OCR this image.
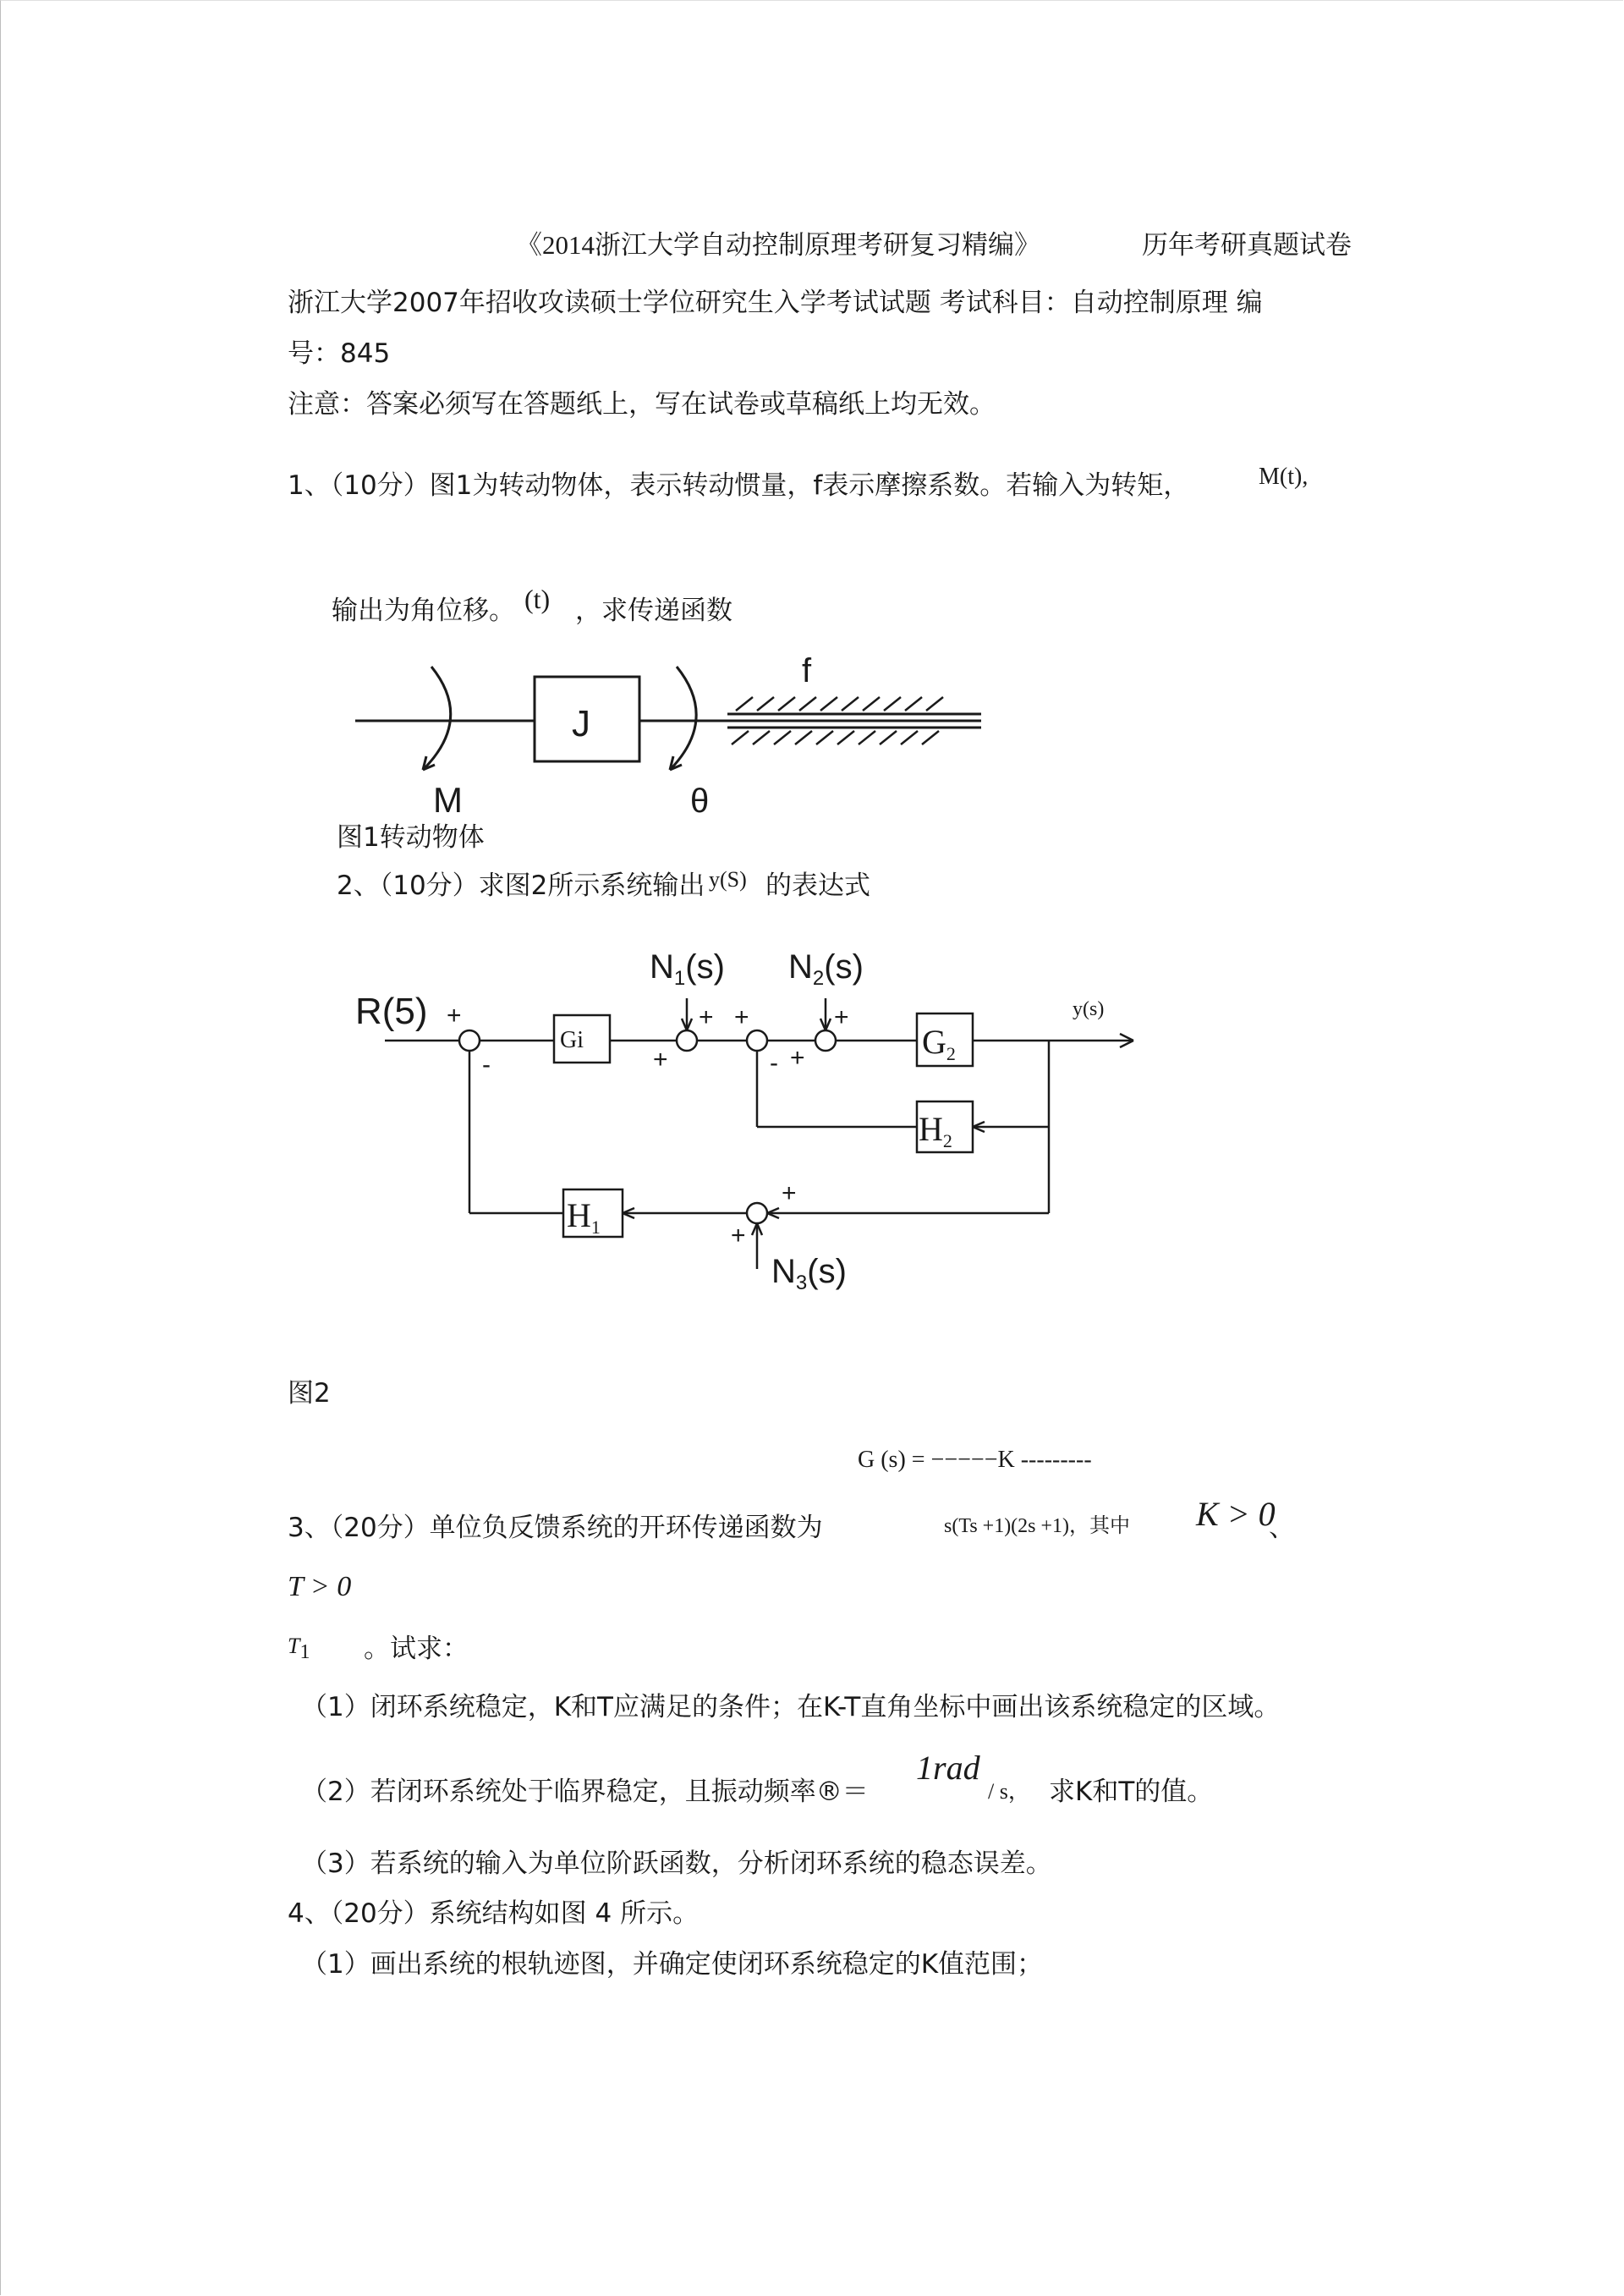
《2014浙江大学自动控制原理考研复习精编》	历年考研真题试卷
浙江大学2007年招收攻读硕士学位研究生入学考试试题 考试科目：自动控制原理 编
号：845
注意：答案必须写在答题纸上，写在试卷或草稿纸上均无效。
1、（10分）图1为转动物体，表示转动惯量，f表示摩擦系数。若输入为转矩，	M(t),
输出为角位移。 (t) ，求传递函数
J
f
M	θ
图1转动物体
2、（10分）求图2所示系统输出 y(S) 的表达式
R(5) +
-
Gi
$N_1(s)$
+
+
+
- +
$N_2(s)$
+
$G_2$
y(s)
$H_2$
$H_1$
+
+
$N_3(s)$
图2
G (s) = −−−−−K ---------
3、（20分）单位负反馈系统的开环传递函数为	s(Ts +1)(2s +1)，其中 K > 0
、
T > 0
$T_1$ 。试求：
（1）闭环系统稳定，K和T应满足的条件；在K-T直角坐标中画出该系统稳定的区域。
（2）若闭环系统处于临界稳定，且振动频率®＝
1rad
/ s， 求K和T的值。
（3）若系统的输入为单位阶跃函数，分析闭环系统的稳态误差。
4、（20分）系统结构如图 4 所示。
（1）画出系统的根轨迹图，并确定使闭环系统稳定的K值范围；
